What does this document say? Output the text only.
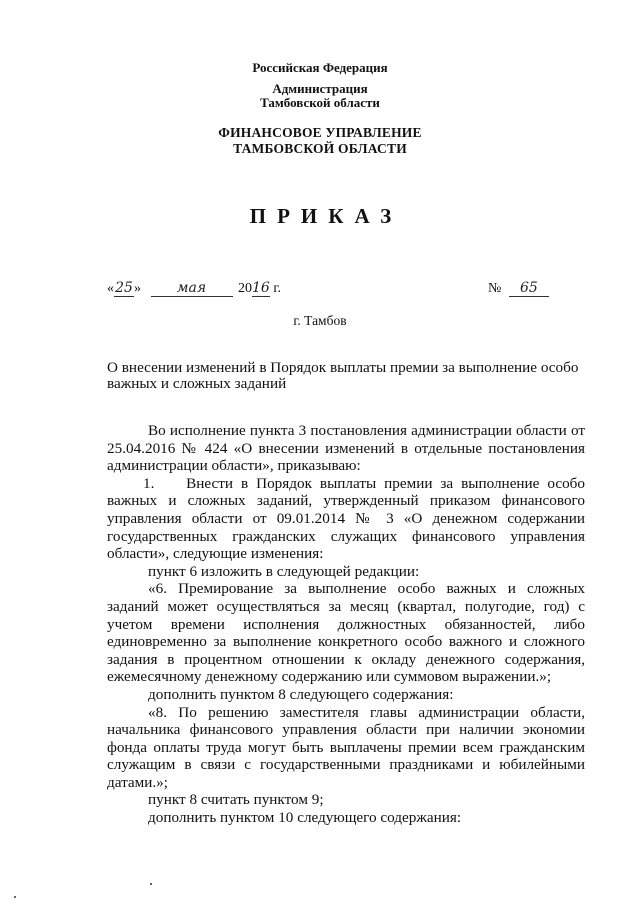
Российская Федерация
Администрация
Тамбовской области
ФИНАНСОВОЕ УПРАВЛЕНИЕ
ТАМБОВСКОЙ ОБЛАСТИ
ПРИКАЗ
«25»	мая 2016 г.	№ 65
г. Тамбов
О внесении изменений в Порядок выплаты премии за выполнение особо важных и сложных заданий

Во исполнение пункта 3 постановления администрации области от 25.04.2016 № 424 «О внесении изменений в отдельные постановления администрации области», приказываю:

1.    Внести в Порядок выплаты премии за выполнение особо важных и сложных заданий, утвержденный приказом финансового управления области от 09.01.2014 № 3 «О денежном содержании государственных гражданских служащих финансового управления области», следующие изменения:

пункт 6 изложить в следующей редакции:

«6. Премирование за выполнение особо важных и сложных заданий может осуществляться за месяц (квартал, полугодие, год) с учетом времени исполнения должностных обязанностей, либо единовременно за выполнение конкретного особо важного и сложного задания в процентном отношении к окладу денежного содержания, ежемесячному денежному содержанию или суммовом выражении.»;

дополнить пунктом 8 следующего содержания:

«8. По решению заместителя главы администрации области, начальника финансового управления области при наличии экономии фонда оплаты труда могут быть выплачены премии всем гражданским служащим в связи с государственными праздниками и юбилейными датами.»;

пункт 8 считать пунктом 9;

дополнить пунктом 10 следующего содержания:
